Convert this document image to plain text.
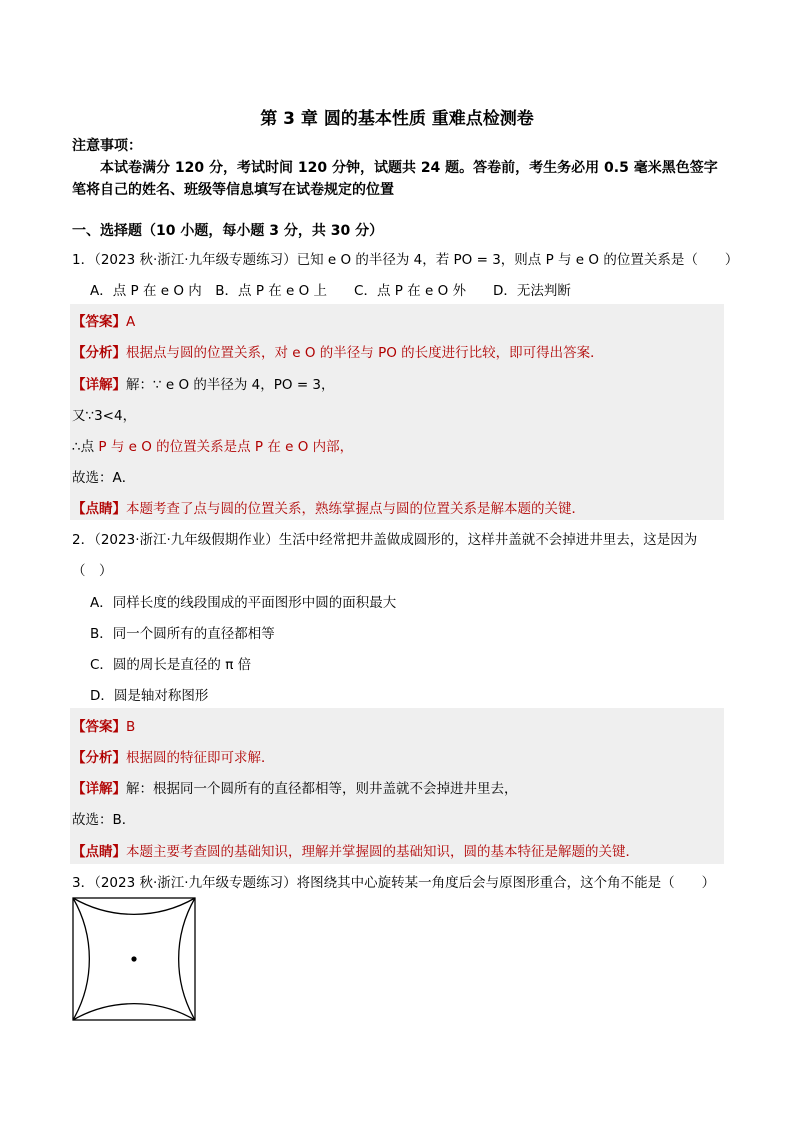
第 3 章 圆的基本性质 重难点检测卷
注意事项：
本试卷满分 120 分，考试时间 120 分钟，试题共 24 题。答卷前，考生务必用 0.5 毫米黑色签字笔将自己的姓名、班级等信息填写在试卷规定的位置
一、选择题（10 小题，每小题 3 分，共 30 分）
1．（2023 秋·浙江·九年级专题练习）已知 e O 的半径为 4，若 PO = 3，则点 P 与 e O 的位置关系是（　　）
A．点 P 在 e O 内　B．点 P 在 e O 上　　C．点 P 在 e O 外　　D．无法判断
【答案】A
【分析】根据点与圆的位置关系，对 e O 的半径与 PO 的长度进行比较，即可得出答案．
【详解】解：∵ e O 的半径为 4，PO = 3，
又∵3<4，
∴点 P 与 e O 的位置关系是点 P 在 e O 内部，
故选：A．
【点睛】本题考查了点与圆的位置关系，熟练掌握点与圆的位置关系是解本题的关键．
2．（2023·浙江·九年级假期作业）生活中经常把井盖做成圆形的，这样井盖就不会掉进井里去，这是因为
（　）
A．同样长度的线段围成的平面图形中圆的面积最大
B．同一个圆所有的直径都相等
C．圆的周长是直径的 π 倍
D．圆是轴对称图形
【答案】B
【分析】根据圆的特征即可求解．
【详解】解：根据同一个圆所有的直径都相等，则井盖就不会掉进井里去，
故选：B．
【点睛】本题主要考查圆的基础知识，理解并掌握圆的基础知识，圆的基本特征是解题的关键．
3．（2023 秋·浙江·九年级专题练习）将图绕其中心旋转某一角度后会与原图形重合，这个角不能是（　　）
